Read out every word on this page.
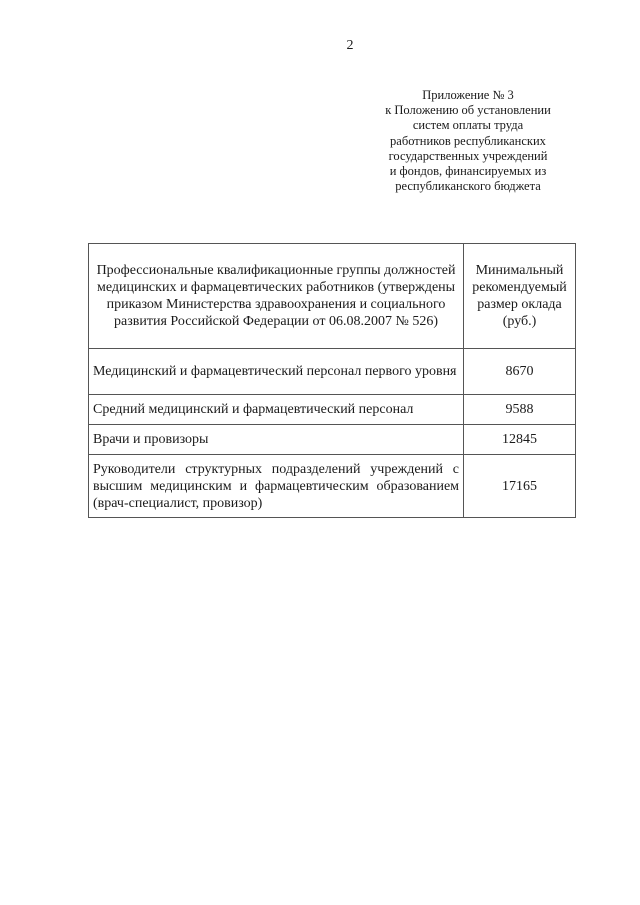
2
Приложение № 3
к Положению об установлении
систем оплаты труда
работников республиканских
государственных учреждений
и фондов, финансируемых из
республиканского бюджета
Профессиональные квалификационные группы должностей медицинских и фармацевтических работников (утверждены приказом Министерства здравоохранения и социального развития Российской Федерации от 06.08.2007 № 526)	Минимальный рекомендуемый размер оклада (руб.)
Медицинский и фармацевтический персонал первого уровня	8670
Средний медицинский и фармацевтический персонал	9588
Врачи и провизоры	12845
Руководители структурных подразделений учреждений с высшим медицинским и фармацевтическим образованием (врач-специалист, провизор)	17165
